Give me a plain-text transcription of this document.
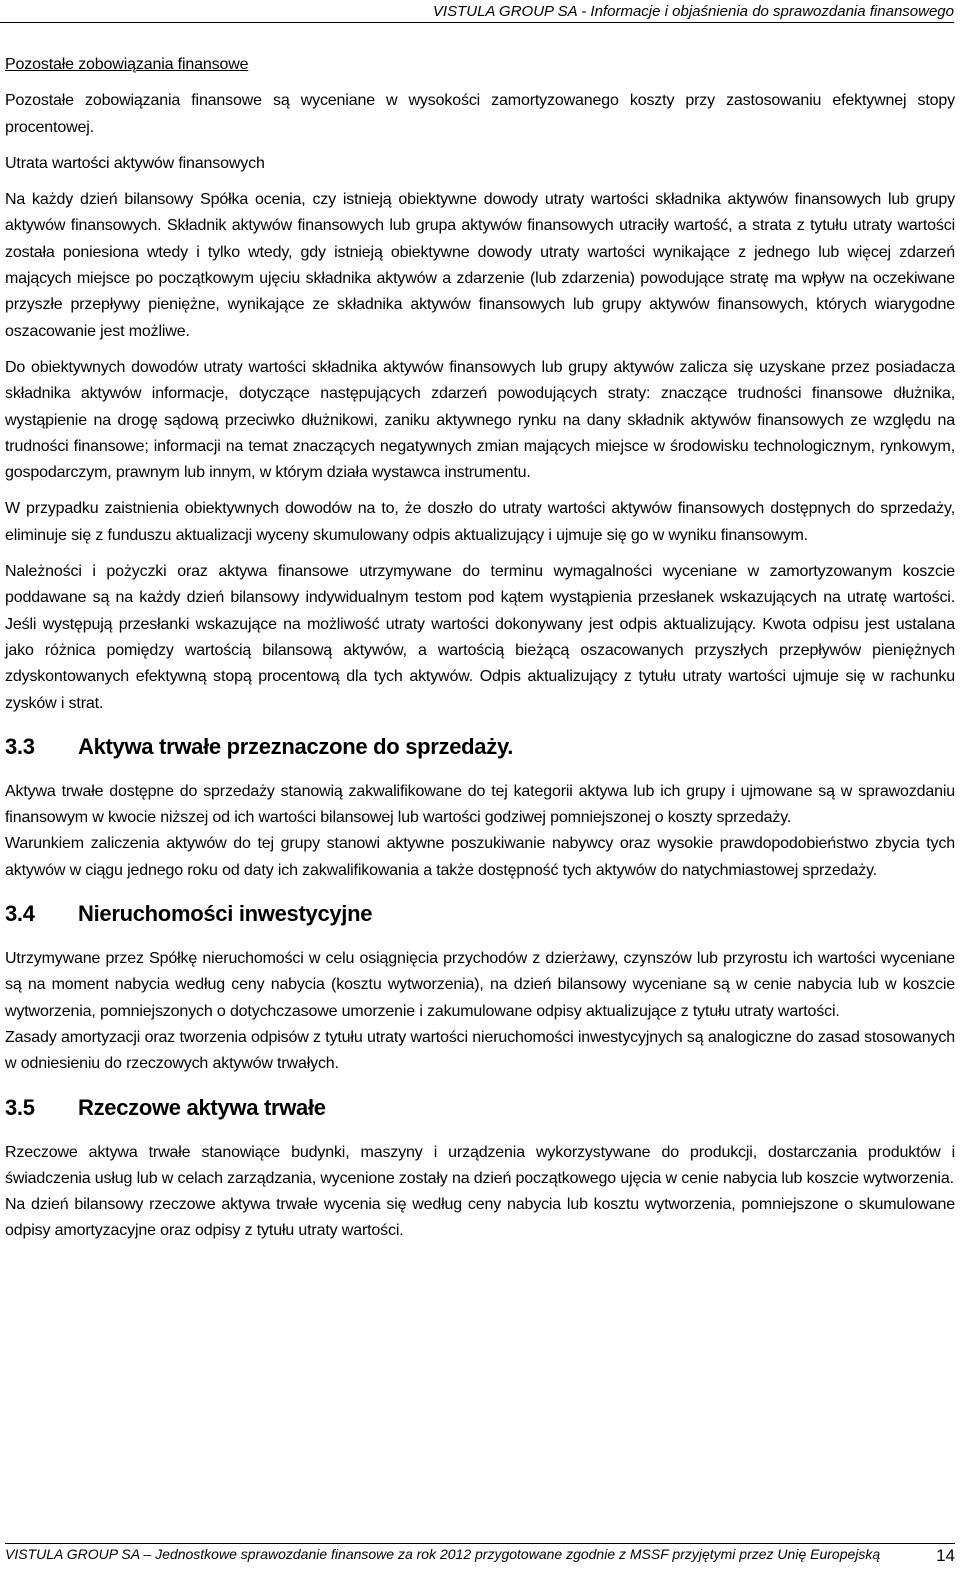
VISTULA GROUP SA - Informacje i objaśnienia do sprawozdania finansowego

Pozostałe zobowiązania finansowe

Pozostałe zobowiązania finansowe są wyceniane w wysokości zamortyzowanego koszty przy zastosowaniu efektywnej stopy procentowej.

Utrata wartości aktywów finansowych

Na każdy dzień bilansowy Spółka ocenia, czy istnieją obiektywne dowody utraty wartości składnika aktywów finansowych lub grupy aktywów finansowych. Składnik aktywów finansowych lub grupa aktywów finansowych utraciły wartość, a strata z tytułu utraty wartości została poniesiona wtedy i tylko wtedy, gdy istnieją obiektywne dowody utraty wartości wynikające z jednego lub więcej zdarzeń mających miejsce po początkowym ujęciu składnika aktywów a zdarzenie (lub zdarzenia) powodujące stratę ma wpływ na oczekiwane przyszłe przepływy pieniężne, wynikające ze składnika aktywów finansowych lub grupy aktywów finansowych, których wiarygodne oszacowanie jest możliwe.

Do obiektywnych dowodów utraty wartości składnika aktywów finansowych lub grupy aktywów zalicza się uzyskane przez posiadacza składnika aktywów informacje, dotyczące następujących zdarzeń powodujących straty: znaczące trudności finansowe dłużnika, wystąpienie na drogę sądową przeciwko dłużnikowi, zaniku aktywnego rynku na dany składnik aktywów finansowych ze względu na trudności finansowe; informacji na temat znaczących negatywnych zmian mających miejsce w środowisku technologicznym, rynkowym, gospodarczym, prawnym lub innym, w którym działa wystawca instrumentu.

W przypadku zaistnienia obiektywnych dowodów na to, że doszło do utraty wartości aktywów finansowych dostępnych do sprzedaży, eliminuje się z funduszu aktualizacji wyceny skumulowany odpis aktualizujący i ujmuje się go w wyniku finansowym.

Należności i pożyczki oraz aktywa finansowe utrzymywane do terminu wymagalności wyceniane w zamortyzowanym koszcie poddawane są na każdy dzień bilansowy indywidualnym testom pod kątem wystąpienia przesłanek wskazujących na utratę wartości. Jeśli występują przesłanki wskazujące na możliwość utraty wartości dokonywany jest odpis aktualizujący. Kwota odpisu jest ustalana jako różnica pomiędzy wartością bilansową aktywów, a wartością bieżącą oszacowanych przyszłych przepływów pieniężnych zdyskontowanych efektywną stopą procentową dla tych aktywów. Odpis aktualizujący z tytułu utraty wartości ujmuje się w rachunku zysków i strat.

3.3 Aktywa trwałe przeznaczone do sprzedaży.

Aktywa trwałe dostępne do sprzedaży stanowią zakwalifikowane do tej kategorii aktywa lub ich grupy i ujmowane są w sprawozdaniu finansowym w kwocie niższej od ich wartości bilansowej lub wartości godziwej pomniejszonej o koszty sprzedaży.

Warunkiem zaliczenia aktywów do tej grupy stanowi aktywne poszukiwanie nabywcy oraz wysokie prawdopodobieństwo zbycia tych aktywów w ciągu jednego roku od daty ich zakwalifikowania a także dostępność tych aktywów do natychmiastowej sprzedaży.

3.4 Nieruchomości inwestycyjne

Utrzymywane przez Spółkę nieruchomości w celu osiągnięcia przychodów z dzierżawy, czynszów lub przyrostu ich wartości wyceniane są na moment nabycia według ceny nabycia (kosztu wytworzenia), na dzień bilansowy wyceniane są w cenie nabycia lub w koszcie wytworzenia, pomniejszonych o dotychczasowe umorzenie i zakumulowane odpisy aktualizujące z tytułu utraty wartości.

Zasady amortyzacji oraz tworzenia odpisów z tytułu utraty wartości nieruchomości inwestycyjnych są analogiczne do zasad stosowanych w odniesieniu do rzeczowych aktywów trwałych.

3.5 Rzeczowe aktywa trwałe

Rzeczowe aktywa trwałe stanowiące budynki, maszyny i urządzenia wykorzystywane do produkcji, dostarczania produktów i świadczenia usług lub w celach zarządzania, wycenione zostały na dzień początkowego ujęcia w cenie nabycia lub koszcie wytworzenia.

Na dzień bilansowy rzeczowe aktywa trwałe wycenia się według ceny nabycia lub kosztu wytworzenia, pomniejszone o skumulowane odpisy amortyzacyjne oraz odpisy z tytułu utraty wartości.

VISTULA GROUP SA – Jednostkowe sprawozdanie finansowe za rok 2012 przygotowane zgodnie z MSSF przyjętymi przez Unię Europejską	14
